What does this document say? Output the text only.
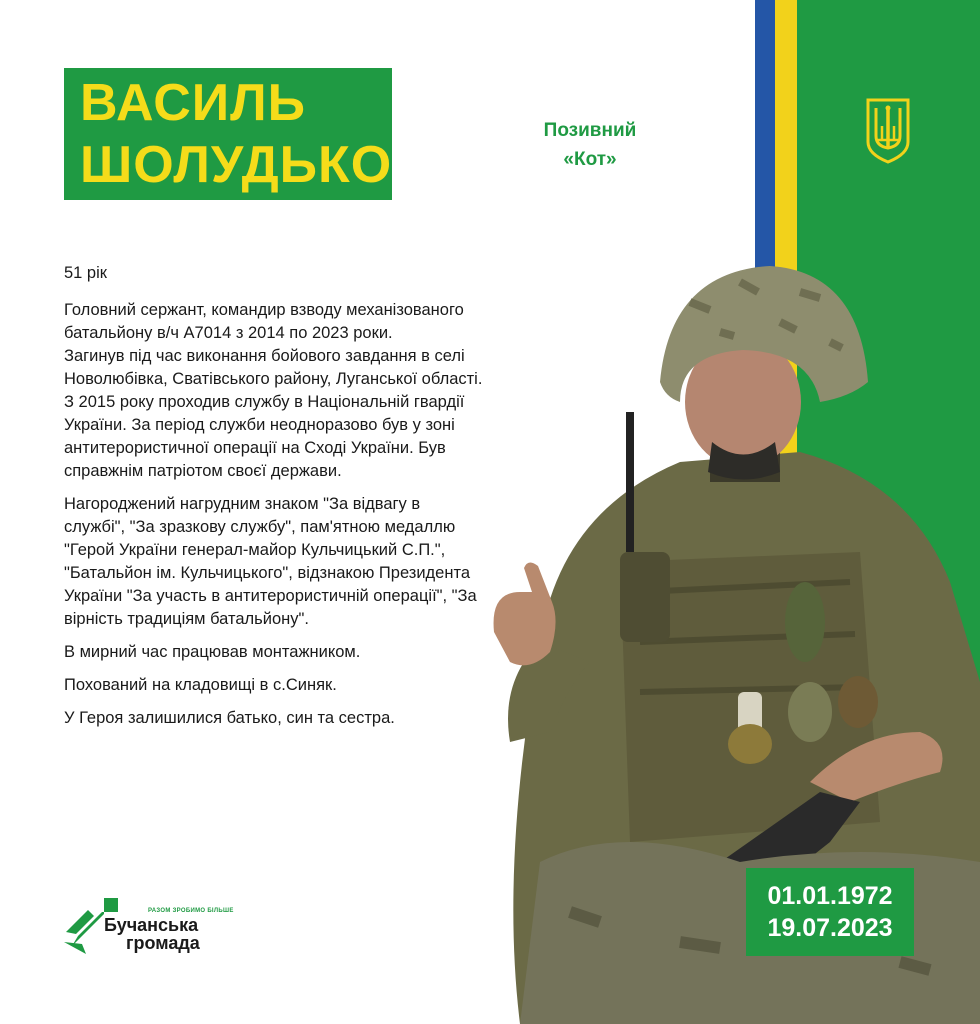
ВАСИЛЬ
ШОЛУДЬКО
Позивний
«Кот»

51 рік

Головний сержант, командир взводу механізованого батальйону в/ч А7014 з 2014 по 2023 роки.

Загинув під час виконання бойового завдання в селі Новолюбівка, Сватівського району, Луганської області.

З 2015 року проходив службу в Національній гвардії України. За період служби неодноразово був у зоні антитерористичної операції на Сході України. Був справжнім патріотом своєї держави.

Нагороджений нагрудним знаком "За відвагу в службі", "За зразкову службу", пам'ятною медаллю "Герой України генерал-майор Кульчицький С.П.", "Батальйон ім. Кульчицького", відзнакою Президента України "За участь в антитерористичній операції", "За вірність традиціям батальйону".

В мирний час працював монтажником.

Похований на кладовищі в с.Синяк.

У Героя залишилися батько, син та сестра.

01.01.1972
19.07.2023
РАЗОМ ЗРОБИМО БІЛЬШЕ
Бучанська
громада
